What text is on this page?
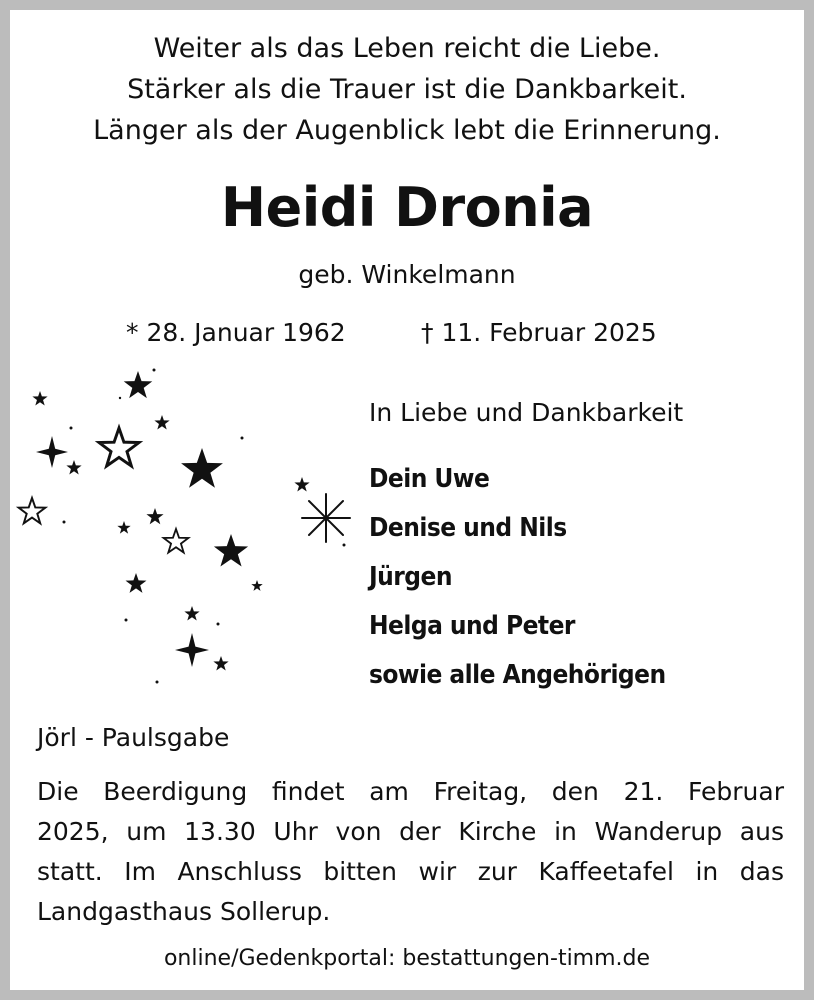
Weiter als das Leben reicht die Liebe.
Stärker als die Trauer ist die Dankbarkeit.
Länger als der Augenblick lebt die Erinnerung.
Heidi Dronia
geb. Winkelmann
* 28. Januar 1962	† 11. Februar 2025
In Liebe und Dankbarkeit
Dein Uwe
Denise und Nils
Jürgen
Helga und Peter
sowie alle Angehörigen
Jörl - Paulsgabe
Die Beerdigung findet am Freitag, den 21. Februar
2025, um 13.30 Uhr von der Kirche in Wanderup aus
statt. Im Anschluss bitten wir zur Kaffeetafel in das
Landgasthaus Sollerup.
online/Gedenkportal: bestattungen-timm.de
